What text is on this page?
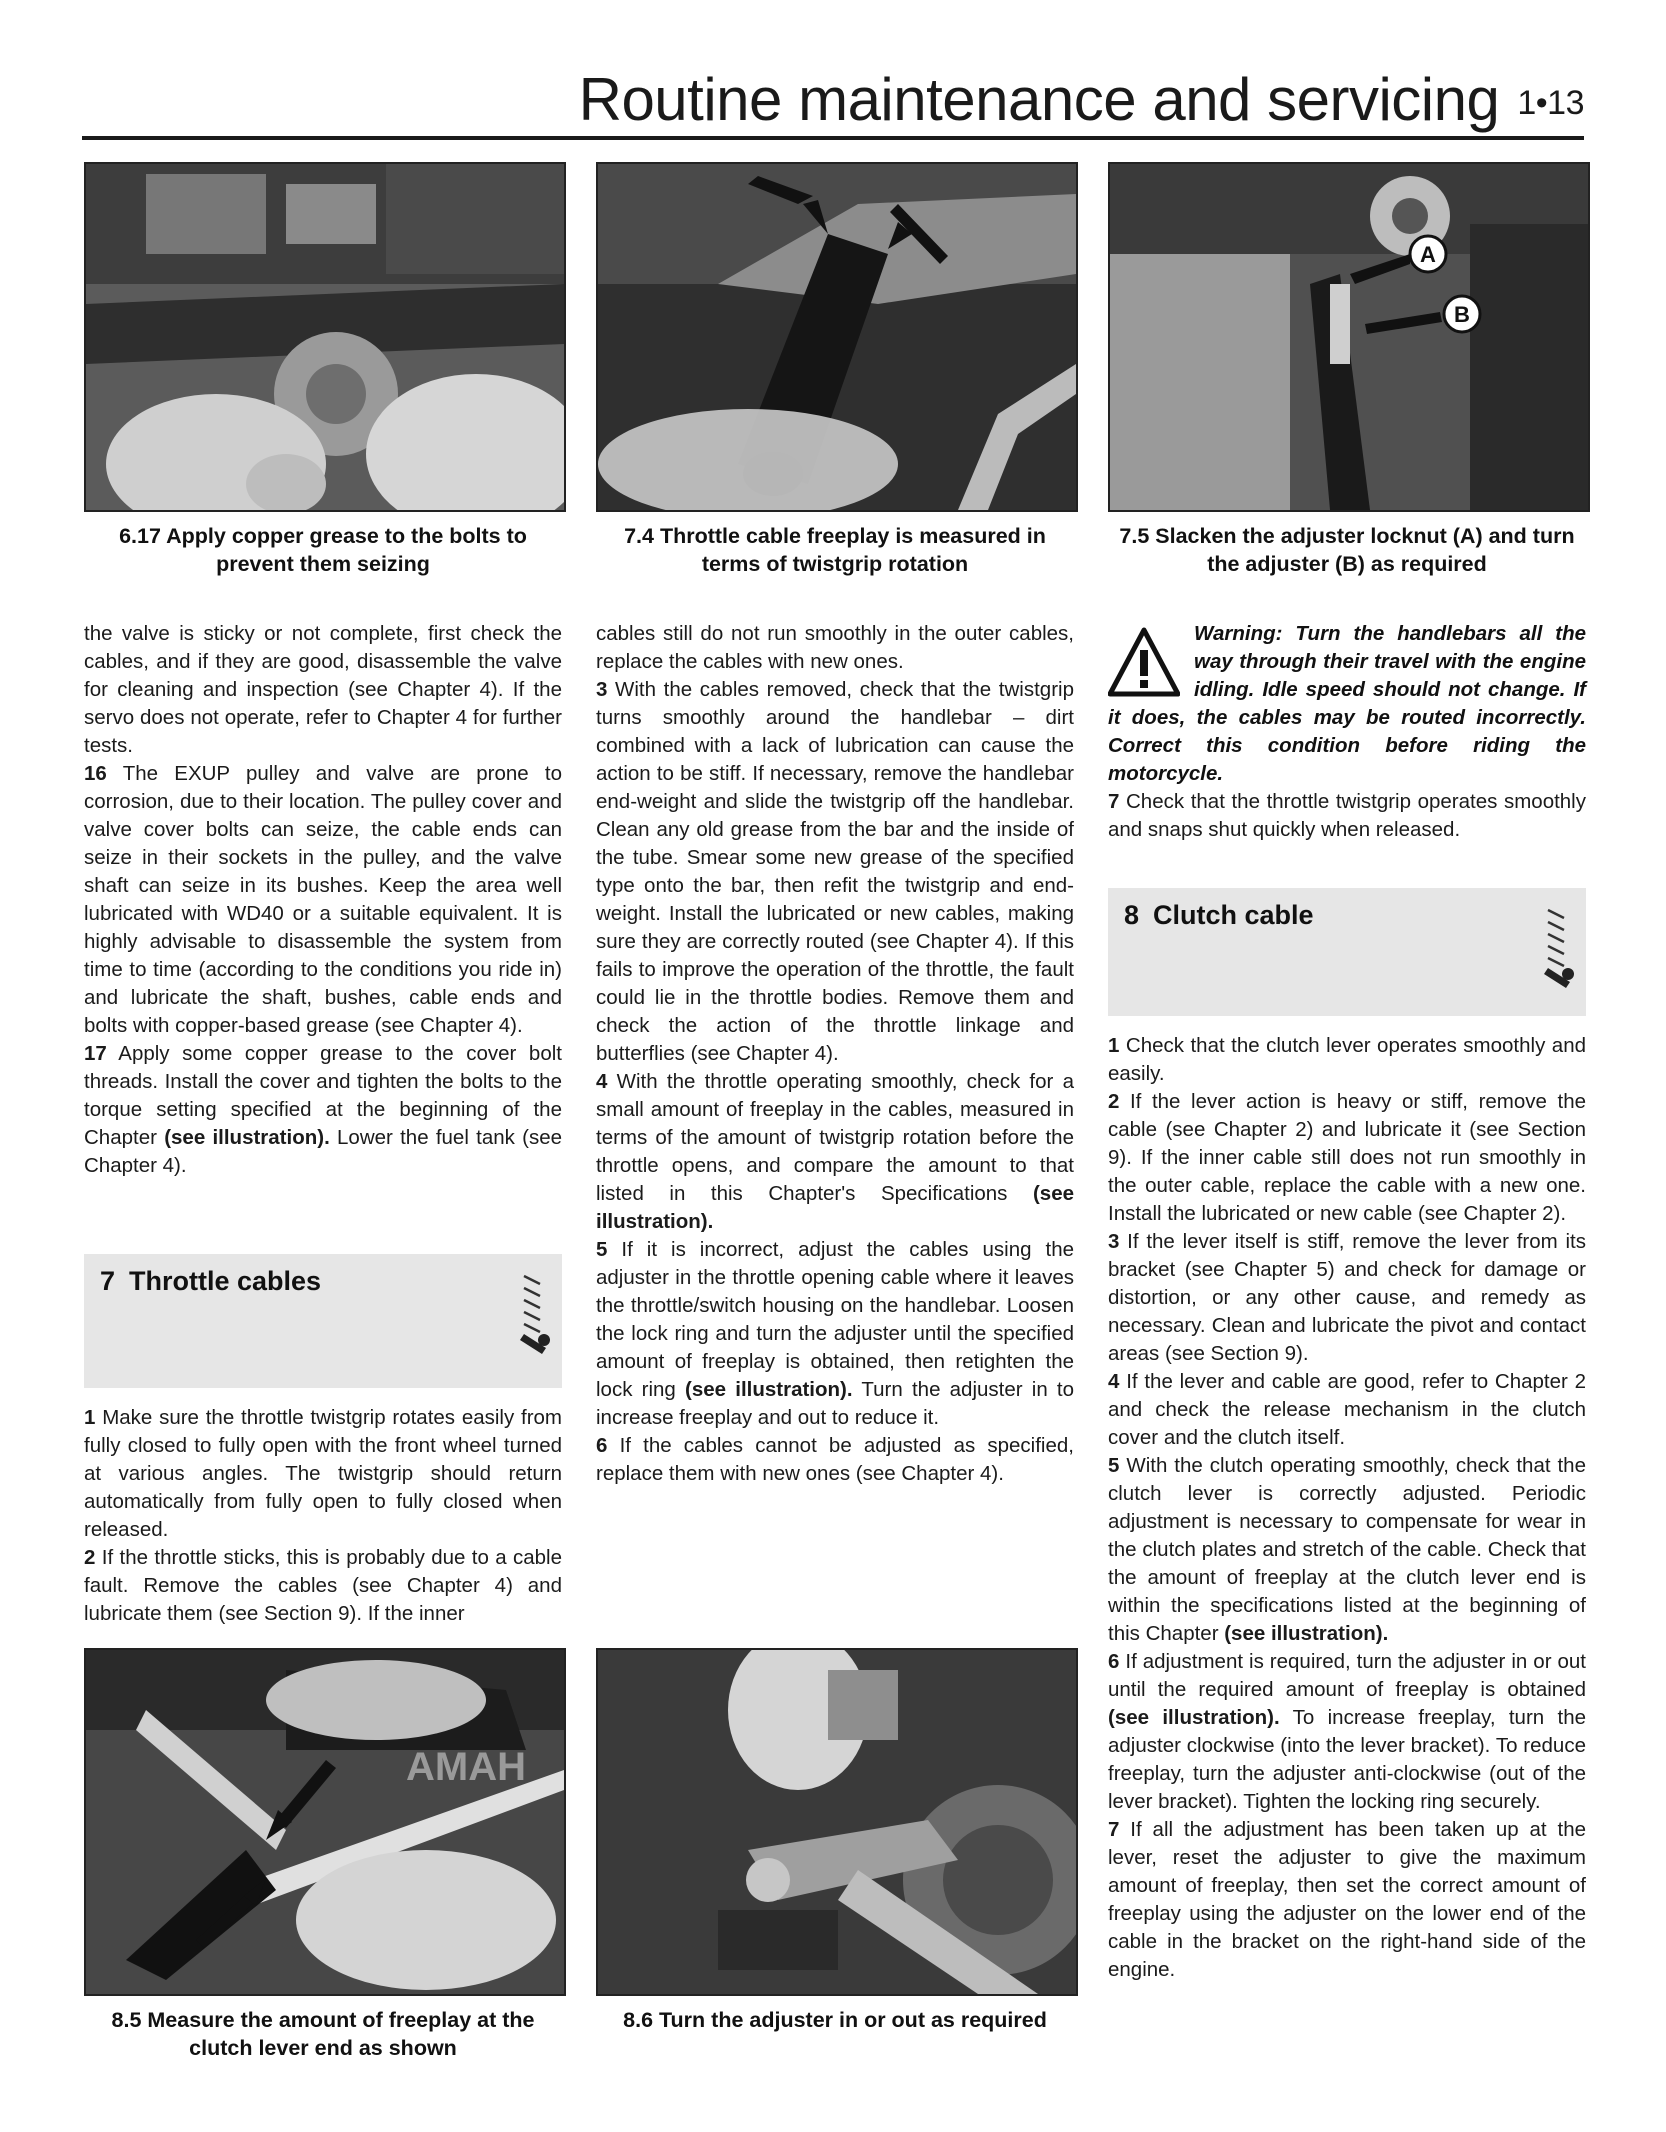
Routine maintenance and servicing 1•13
6.17 Apply copper grease to the bolts to prevent them seizing
7.4 Throttle cable freeplay is measured in terms of twistgrip rotation
A
B
7.5 Slacken the adjuster locknut (A) and turn the adjuster (B) as required

the valve is sticky or not complete, first check the cables, and if they are good, disassemble the valve for cleaning and inspection (see Chapter 4). If the servo does not operate, refer to Chapter 4 for further tests.

16 The EXUP pulley and valve are prone to corrosion, due to their location. The pulley cover and valve cover bolts can seize, the cable ends can seize in their sockets in the pulley, and the valve shaft can seize in its bushes. Keep the area well lubricated with WD40 or a suitable equivalent. It is highly advisable to disassemble the system from time to time (according to the conditions you ride in) and lubricate the shaft, bushes, cable ends and bolts with copper-based grease (see Chapter 4).

17 Apply some copper grease to the cover bolt threads. Install the cover and tighten the bolts to the torque setting specified at the beginning of the Chapter (see illustration). Lower the fuel tank (see Chapter 4).

7 Throttle cables

1 Make sure the throttle twistgrip rotates easily from fully closed to fully open with the front wheel turned at various angles. The twistgrip should return automatically from fully open to fully closed when released.

2 If the throttle sticks, this is probably due to a cable fault. Remove the cables (see Chapter 4) and lubricate them (see Section 9). If the inner

cables still do not run smoothly in the outer cables, replace the cables with new ones.

3 With the cables removed, check that the twistgrip turns smoothly around the handlebar – dirt combined with a lack of lubrication can cause the action to be stiff. If necessary, remove the handlebar end-weight and slide the twistgrip off the handlebar. Clean any old grease from the bar and the inside of the tube. Smear some new grease of the specified type onto the bar, then refit the twistgrip and end-weight. Install the lubricated or new cables, making sure they are correctly routed (see Chapter 4). If this fails to improve the operation of the throttle, the fault could lie in the throttle bodies. Remove them and check the action of the throttle linkage and butterflies (see Chapter 4).

4 With the throttle operating smoothly, check for a small amount of freeplay in the cables, measured in terms of the amount of twistgrip rotation before the throttle opens, and compare the amount to that listed in this Chapter's Specifications (see illustration).

5 If it is incorrect, adjust the cables using the adjuster in the throttle opening cable where it leaves the throttle/switch housing on the handlebar. Loosen the lock ring and turn the adjuster until the specified amount of freeplay is obtained, then retighten the lock ring (see illustration). Turn the adjuster in to increase freeplay and out to reduce it.

6 If the cables cannot be adjusted as specified, replace them with new ones (see Chapter 4).

Warning: Turn the handlebars all the way through their travel with the engine idling. Idle speed should not change. If it does, the cables may be routed incorrectly. Correct this condition before riding the motorcycle.

7 Check that the throttle twistgrip operates smoothly and snaps shut quickly when released.

8 Clutch cable

1 Check that the clutch lever operates smoothly and easily.

2 If the lever action is heavy or stiff, remove the cable (see Chapter 2) and lubricate it (see Section 9). If the inner cable still does not run smoothly in the outer cable, replace the cable with a new one. Install the lubricated or new cable (see Chapter 2).

3 If the lever itself is stiff, remove the lever from its bracket (see Chapter 5) and check for damage or distortion, or any other cause, and remedy as necessary. Clean and lubricate the pivot and contact areas (see Section 9).

4 If the lever and cable are good, refer to Chapter 2 and check the release mechanism in the clutch cover and the clutch itself.

5 With the clutch operating smoothly, check that the clutch lever is correctly adjusted. Periodic adjustment is necessary to compensate for wear in the clutch plates and stretch of the cable. Check that the amount of freeplay at the clutch lever end is within the specifications listed at the beginning of this Chapter (see illustration).

6 If adjustment is required, turn the adjuster in or out until the required amount of freeplay is obtained (see illustration). To increase freeplay, turn the adjuster clockwise (into the lever bracket). To reduce freeplay, turn the adjuster anti-clockwise (out of the lever bracket). Tighten the locking ring securely.

7 If all the adjustment has been taken up at the lever, reset the adjuster to give the maximum amount of freeplay, then set the correct amount of freeplay using the adjuster on the lower end of the cable in the bracket on the right-hand side of the engine.

AMAH
8.5 Measure the amount of freeplay at the clutch lever end as shown
8.6 Turn the adjuster in or out as required
